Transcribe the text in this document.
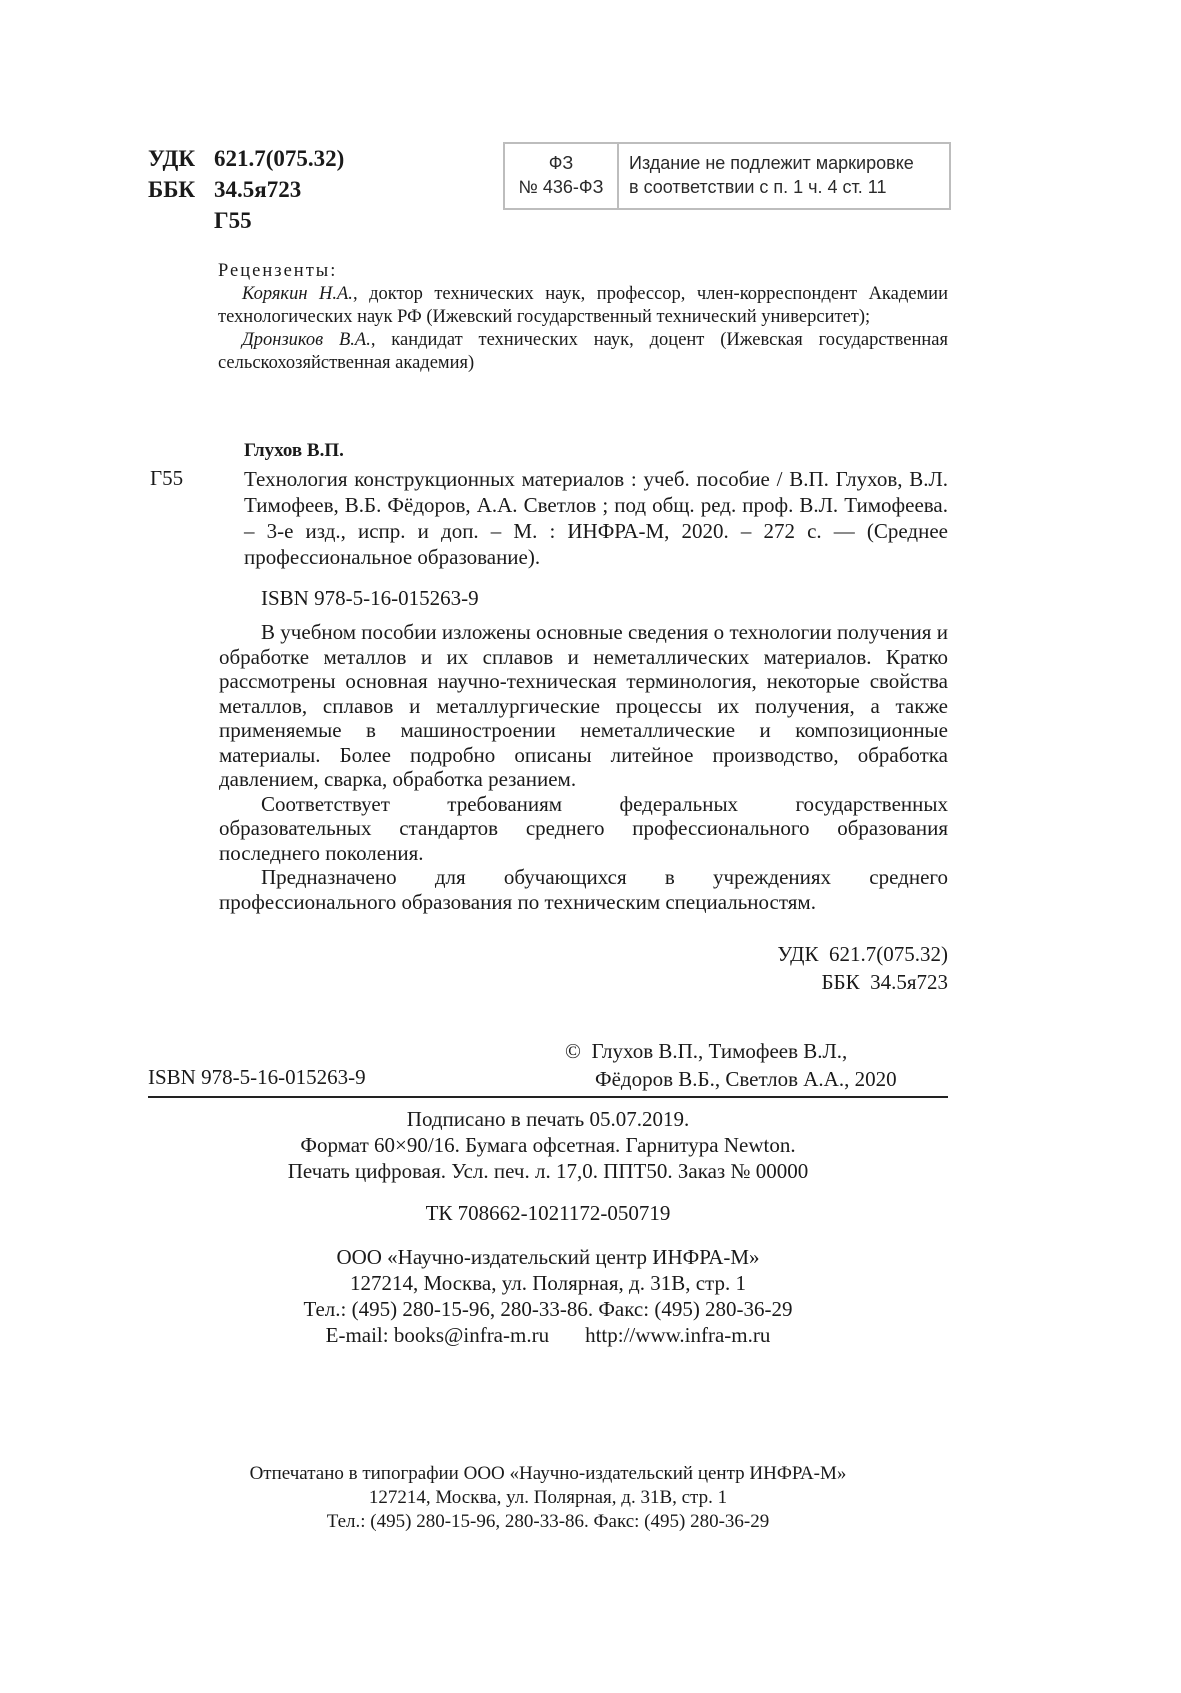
УДК 621.7(075.32)
ББК 34.5я723
Г55
ФЗ
№ 436-ФЗ
Издание не подлежит маркировке
в соответствии с п. 1 ч. 4 ст. 11
Рецензенты:

Корякин Н.А., доктор технических наук, профессор, член-корреспондент Академии технологических наук РФ (Ижевский государственный технический университет);

Дронзиков В.А., кандидат технических наук, доцент (Ижевская государственная сельскохозяйственная академия)

Глухов В.П.
Г55	Технология конструкционных материалов : учеб. пособие / В.П. Глухов, В.Л. Тимофеев, В.Б. Фёдоров, А.А. Светлов ; под общ. ред. проф. В.Л. Тимофеева. – 3-е изд., испр. и доп. – М. : ИНФРА-М, 2020. – 272 с. — (Среднее профессиональное образование).
ISBN 978-5-16-015263-9

В учебном пособии изложены основные сведения о технологии получения и обработке металлов и их сплавов и неметаллических материалов. Кратко рассмотрены основная научно-техническая терминология, некоторые свойства металлов, сплавов и металлургические процессы их получения, а также применяемые в машиностроении неметаллические и композиционные материалы. Более подробно описаны литейное производство, обработка давлением, сварка, обработка резанием.

Соответствует требованиям федеральных государственных образовательных стандартов среднего профессионального образования последнего поколения.

Предназначено для обучающихся в учреждениях среднего профессионального образования по техническим специальностям.

УДК  621.7(075.32)
ББК  34.5я723
©  Глухов В.П., Тимофеев В.Л.,
Фёдоров В.Б., Светлов А.А., 2020
ISBN 978-5-16-015263-9
Подписано в печать 05.07.2019.
Формат 60×90/16. Бумага офсетная. Гарнитура Newton.
Печать цифровая. Усл. печ. л. 17,0. ППТ50. Заказ № 00000
ТК 708662-1021172-050719
ООО «Научно-издательский центр ИНФРА-М»
127214, Москва, ул. Полярная, д. 31В, стр. 1
Тел.: (495) 280-15-96, 280-33-86. Факс: (495) 280-36-29
E-mail: books@infra-m.ru http://www.infra-m.ru
Отпечатано в типографии ООО «Научно-издательский центр ИНФРА-М»
127214, Москва, ул. Полярная, д. 31В, стр. 1
Тел.: (495) 280-15-96, 280-33-86. Факс: (495) 280-36-29
